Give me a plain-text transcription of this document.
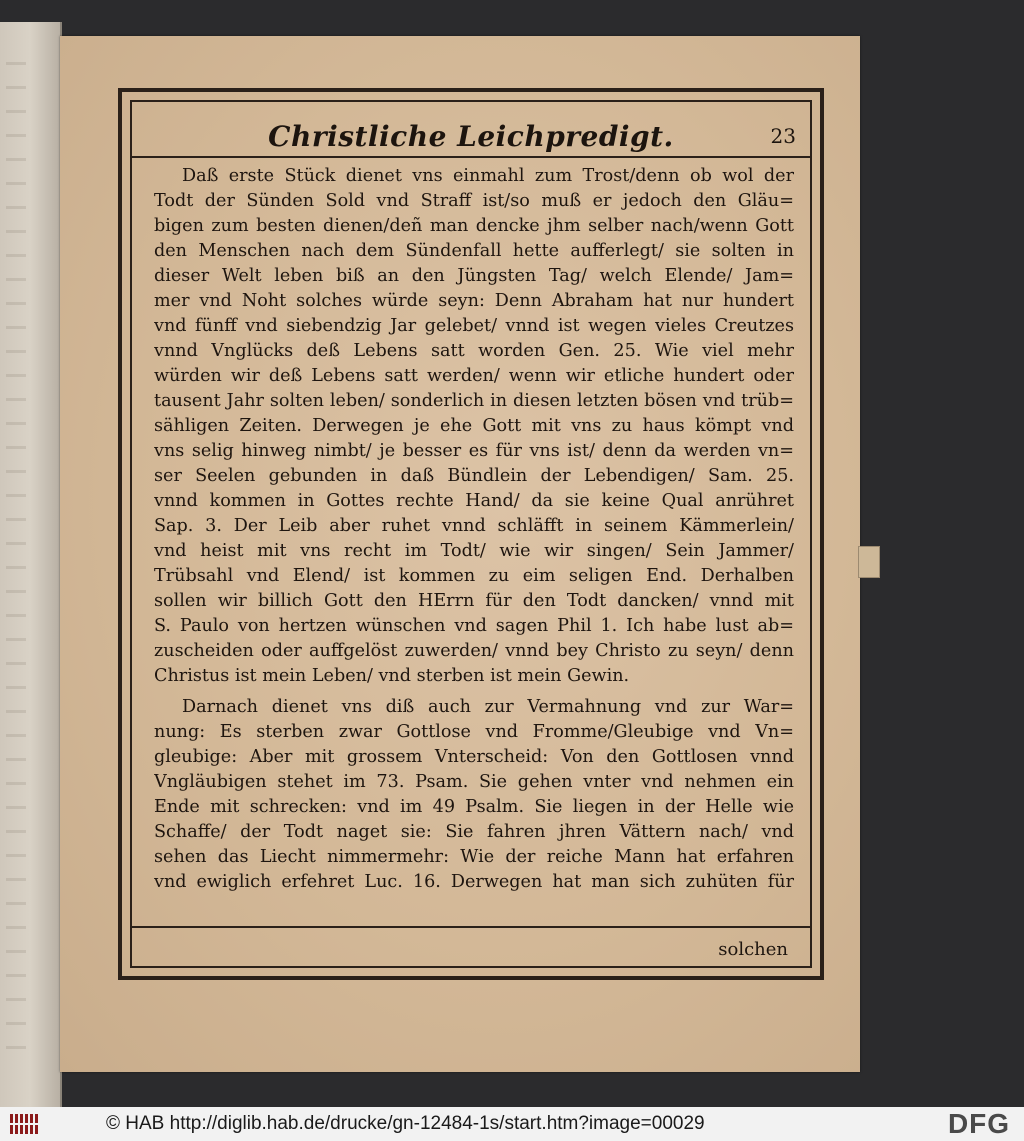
Christliche Leichpredigt.	23
Daß erste Stück dienet vns einmahl zum Trost/denn ob wol der
Todt der Sünden Sold vnd Straff ist/so muß er jedoch den Gläu=
bigen zum besten dienen/deñ man dencke jhm selber nach/wenn Gott
den Menschen nach dem Sündenfall hette aufferlegt/ sie solten in
dieser Welt leben biß an den Jüngsten Tag/ welch Elende/ Jam=
mer vnd Noht solches würde seyn: Denn Abraham hat nur hundert
vnd fünff vnd siebendzig Jar gelebet/ vnnd ist wegen vieles Creutzes
vnnd Vnglücks deß Lebens satt worden Gen. 25. Wie viel mehr
würden wir deß Lebens satt werden/ wenn wir etliche hundert oder
tausent Jahr solten leben/ sonderlich in diesen letzten bösen vnd trüb=
sähligen Zeiten. Derwegen je ehe Gott mit vns zu haus kömpt vnd
vns selig hinweg nimbt/ je besser es für vns ist/ denn da werden vn=
ser Seelen gebunden in daß Bündlein der Lebendigen/ Sam. 25.
vnnd kommen in Gottes rechte Hand/ da sie keine Qual anrühret
Sap. 3. Der Leib aber ruhet vnnd schläfft in seinem Kämmerlein/
vnd heist mit vns recht im Todt/ wie wir singen/ Sein Jammer/
Trübsahl vnd Elend/ ist kommen zu eim seligen End. Derhalben
sollen wir billich Gott den HErrn für den Todt dancken/ vnnd mit
S. Paulo von hertzen wünschen vnd sagen Phil 1. Ich habe lust ab=
zuscheiden oder auffgelöst zuwerden/ vnnd bey Christo zu seyn/ denn
Christus ist mein Leben/ vnd sterben ist mein Gewin.
Darnach dienet vns diß auch zur Vermahnung vnd zur War=
nung: Es sterben zwar Gottlose vnd Fromme/Gleubige vnd Vn=
gleubige: Aber mit grossem Vnterscheid: Von den Gottlosen vnnd
Vngläubigen stehet im 73. Psam. Sie gehen vnter vnd nehmen ein
Ende mit schrecken: vnd im 49 Psalm. Sie liegen in der Helle wie
Schaffe/ der Todt naget sie: Sie fahren jhren Vättern nach/ vnd
sehen das Liecht nimmermehr: Wie der reiche Mann hat erfahren
vnd ewiglich erfehret Luc. 16. Derwegen hat man sich zuhüten für
solchen
© HAB http://diglib.hab.de/drucke/gn-12484-1s/start.htm?image=00029	DFG
